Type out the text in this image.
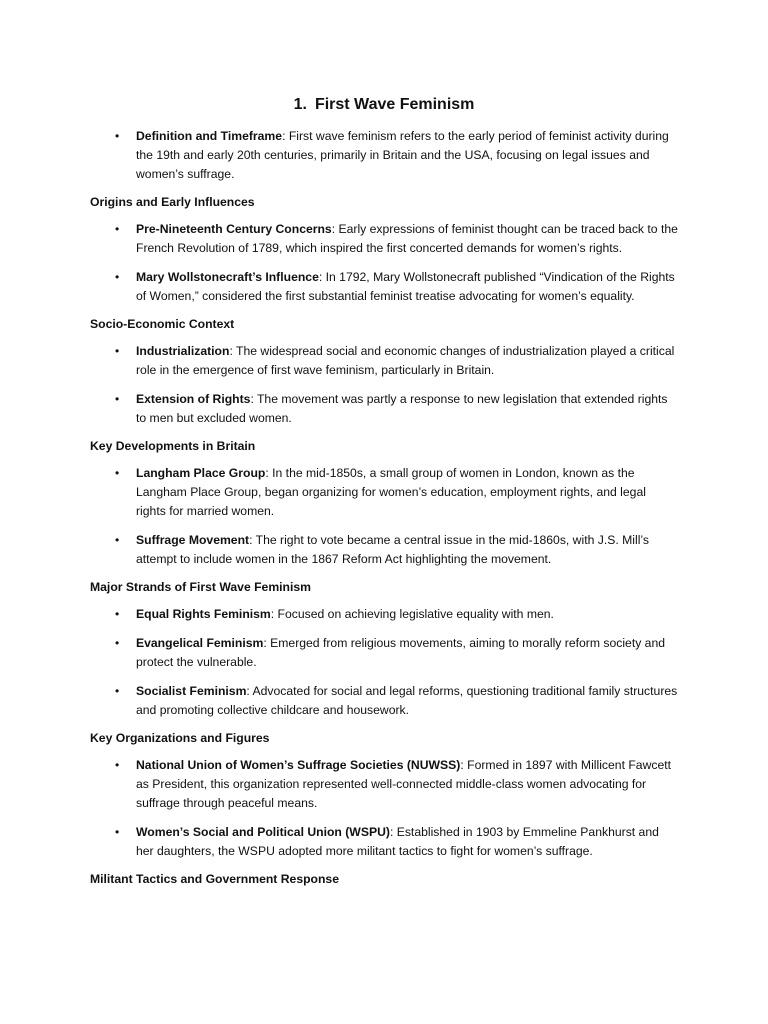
1. First Wave Feminism
• Definition and Timeframe: First wave feminism refers to the early period of feminist activity during the 19th and early 20th centuries, primarily in Britain and the USA, focusing on legal issues and women’s suffrage.
Origins and Early Influences
• Pre-Nineteenth Century Concerns: Early expressions of feminist thought can be traced back to the French Revolution of 1789, which inspired the first concerted demands for women’s rights.
• Mary Wollstonecraft’s Influence: In 1792, Mary Wollstonecraft published “Vindication of the Rights of Women,” considered the first substantial feminist treatise advocating for women’s equality.
Socio-Economic Context
• Industrialization: The widespread social and economic changes of industrialization played a critical role in the emergence of first wave feminism, particularly in Britain.
• Extension of Rights: The movement was partly a response to new legislation that extended rights to men but excluded women.
Key Developments in Britain
• Langham Place Group: In the mid-1850s, a small group of women in London, known as the Langham Place Group, began organizing for women’s education, employment rights, and legal rights for married women.
• Suffrage Movement: The right to vote became a central issue in the mid-1860s, with J.S. Mill’s attempt to include women in the 1867 Reform Act highlighting the movement.
Major Strands of First Wave Feminism
• Equal Rights Feminism: Focused on achieving legislative equality with men.
• Evangelical Feminism: Emerged from religious movements, aiming to morally reform society and protect the vulnerable.
• Socialist Feminism: Advocated for social and legal reforms, questioning traditional family structures and promoting collective childcare and housework.
Key Organizations and Figures
• National Union of Women’s Suffrage Societies (NUWSS): Formed in 1897 with Millicent Fawcett as President, this organization represented well-connected middle-class women advocating for suffrage through peaceful means.
• Women’s Social and Political Union (WSPU): Established in 1903 by Emmeline Pankhurst and her daughters, the WSPU adopted more militant tactics to fight for women’s suffrage.
Militant Tactics and Government Response
